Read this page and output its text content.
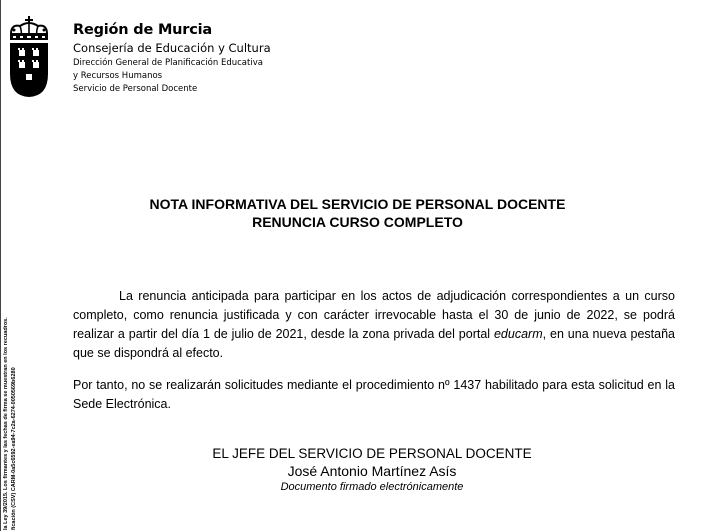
la Ley 39/2015. Los firmantes y las fechas de firma se muestran en los recuadros. ficación (CSV) CARM-0a5c6592-ea94-7c2a-6274-0050569b6280
Región de Murcia
Consejería de Educación y Cultura
Dirección General de Planificación Educativa
y Recursos Humanos
Servicio de Personal Docente
NOTA INFORMATIVA DEL SERVICIO DE PERSONAL DOCENTE
RENUNCIA CURSO COMPLETO
La renuncia anticipada para participar en los actos de adjudicación correspondientes a un curso completo, como renuncia justificada y con carácter irrevocable hasta el 30 de junio de 2022, se podrá realizar a partir del día 1 de julio de 2021, desde la zona privada del portal educarm, en una nueva pestaña que se dispondrá al efecto.
Por tanto, no se realizarán solicitudes mediante el procedimiento nº 1437 habilitado para esta solicitud en la Sede Electrónica.
EL JEFE DEL SERVICIO DE PERSONAL DOCENTE
José Antonio Martínez Asís
Documento firmado electrónicamente
